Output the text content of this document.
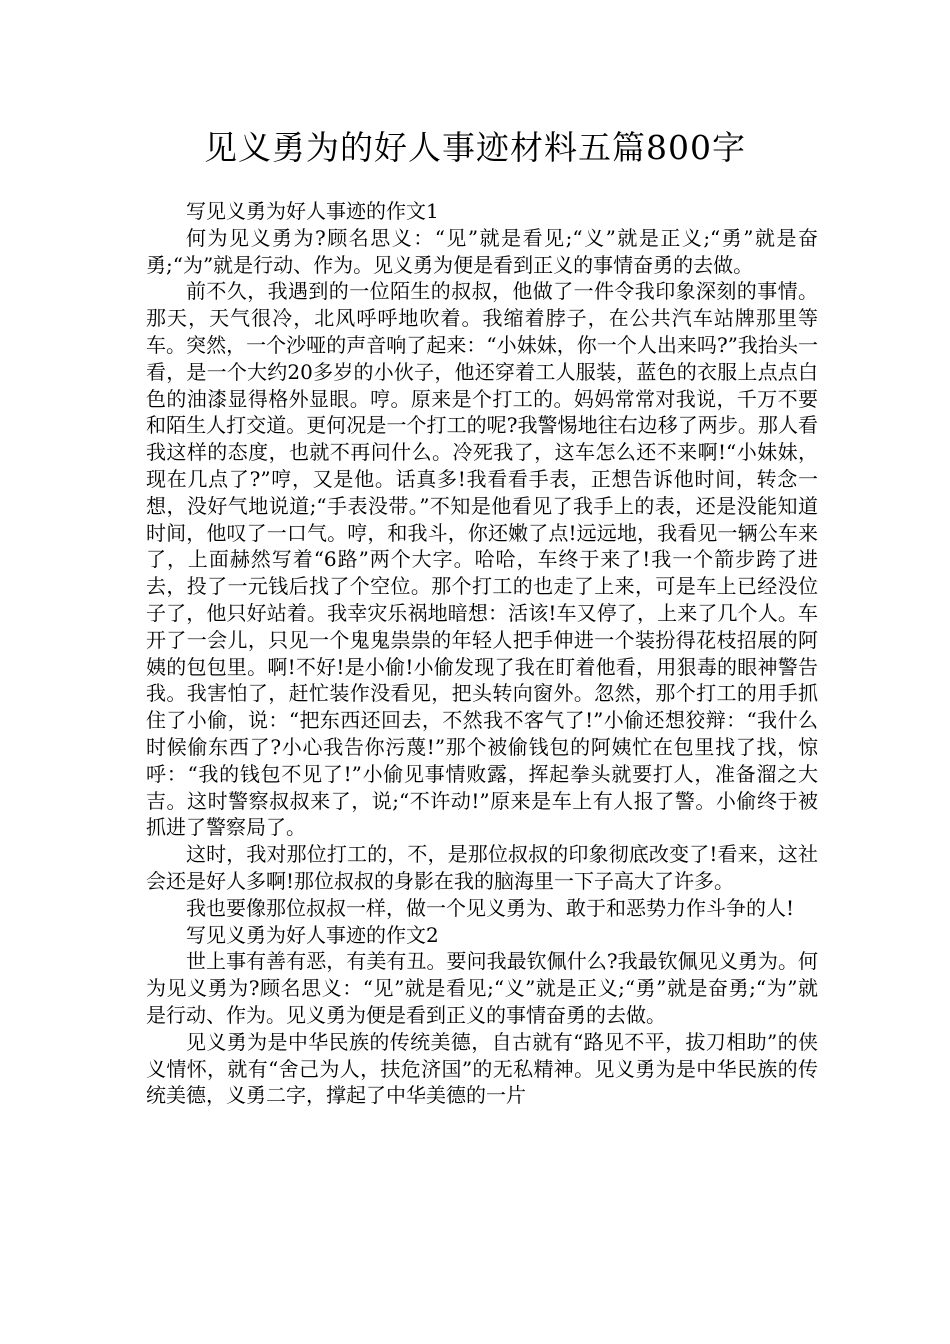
见义勇为的好人事迹材料五篇800字

写见义勇为好人事迹的作文1

何为见义勇为?顾名思义：“见”就是看见;“义”就是正义;“勇”就是奋勇;“为”就是行动、作为。见义勇为便是看到正义的事情奋勇的去做。

前不久，我遇到的一位陌生的叔叔，他做了一件令我印象深刻的事情。那天，天气很冷，北风呼呼地吹着。我缩着脖子，在公共汽车站牌那里等车。突然，一个沙哑的声音响了起来：“小妹妹，你一个人出来吗?”我抬头一看，是一个大约20多岁的小伙子，他还穿着工人服装，蓝色的衣服上点点白色的油漆显得格外显眼。哼。原来是个打工的。妈妈常常对我说，千万不要和陌生人打交道。更何况是一个打工的呢?我警惕地往右边移了两步。那人看我这样的态度，也就不再问什么。冷死我了，这车怎么还不来啊!“小妹妹，现在几点了?”哼，又是他。话真多!我看看手表，正想告诉他时间，转念一想，没好气地说道;“手表没带。”不知是他看见了我手上的表，还是没能知道时间，他叹了一口气。哼，和我斗，你还嫩了点!远远地，我看见一辆公车来了，上面赫然写着“6路”两个大字。哈哈，车终于来了!我一个箭步跨了进去，投了一元钱后找了个空位。那个打工的也走了上来，可是车上已经没位子了，他只好站着。我幸灾乐祸地暗想：活该!车又停了，上来了几个人。车开了一会儿，只见一个鬼鬼祟祟的年轻人把手伸进一个装扮得花枝招展的阿姨的包包里。啊!不好!是小偷!小偷发现了我在盯着他看，用狠毒的眼神警告我。我害怕了，赶忙装作没看见，把头转向窗外。忽然，那个打工的用手抓住了小偷，说：“把东西还回去，不然我不客气了!”小偷还想狡辩：“我什么时候偷东西了?小心我告你污蔑!”那个被偷钱包的阿姨忙在包里找了找，惊呼：“我的钱包不见了!”小偷见事情败露，挥起拳头就要打人，准备溜之大吉。这时警察叔叔来了，说;“不许动!”原来是车上有人报了警。小偷终于被抓进了警察局了。

这时，我对那位打工的，不，是那位叔叔的印象彻底改变了!看来，这社会还是好人多啊!那位叔叔的身影在我的脑海里一下子高大了许多。

我也要像那位叔叔一样，做一个见义勇为、敢于和恶势力作斗争的人!

写见义勇为好人事迹的作文2

世上事有善有恶，有美有丑。要问我最钦佩什么?我最钦佩见义勇为。何为见义勇为?顾名思义：“见”就是看见;“义”就是正义;“勇”就是奋勇;“为”就是行动、作为。见义勇为便是看到正义的事情奋勇的去做。

见义勇为是中华民族的传统美德，自古就有“路见不平，拔刀相助”的侠义情怀，就有“舍己为人，扶危济国”的无私精神。见义勇为是中华民族的传统美德，义勇二字，撑起了中华美德的一片
